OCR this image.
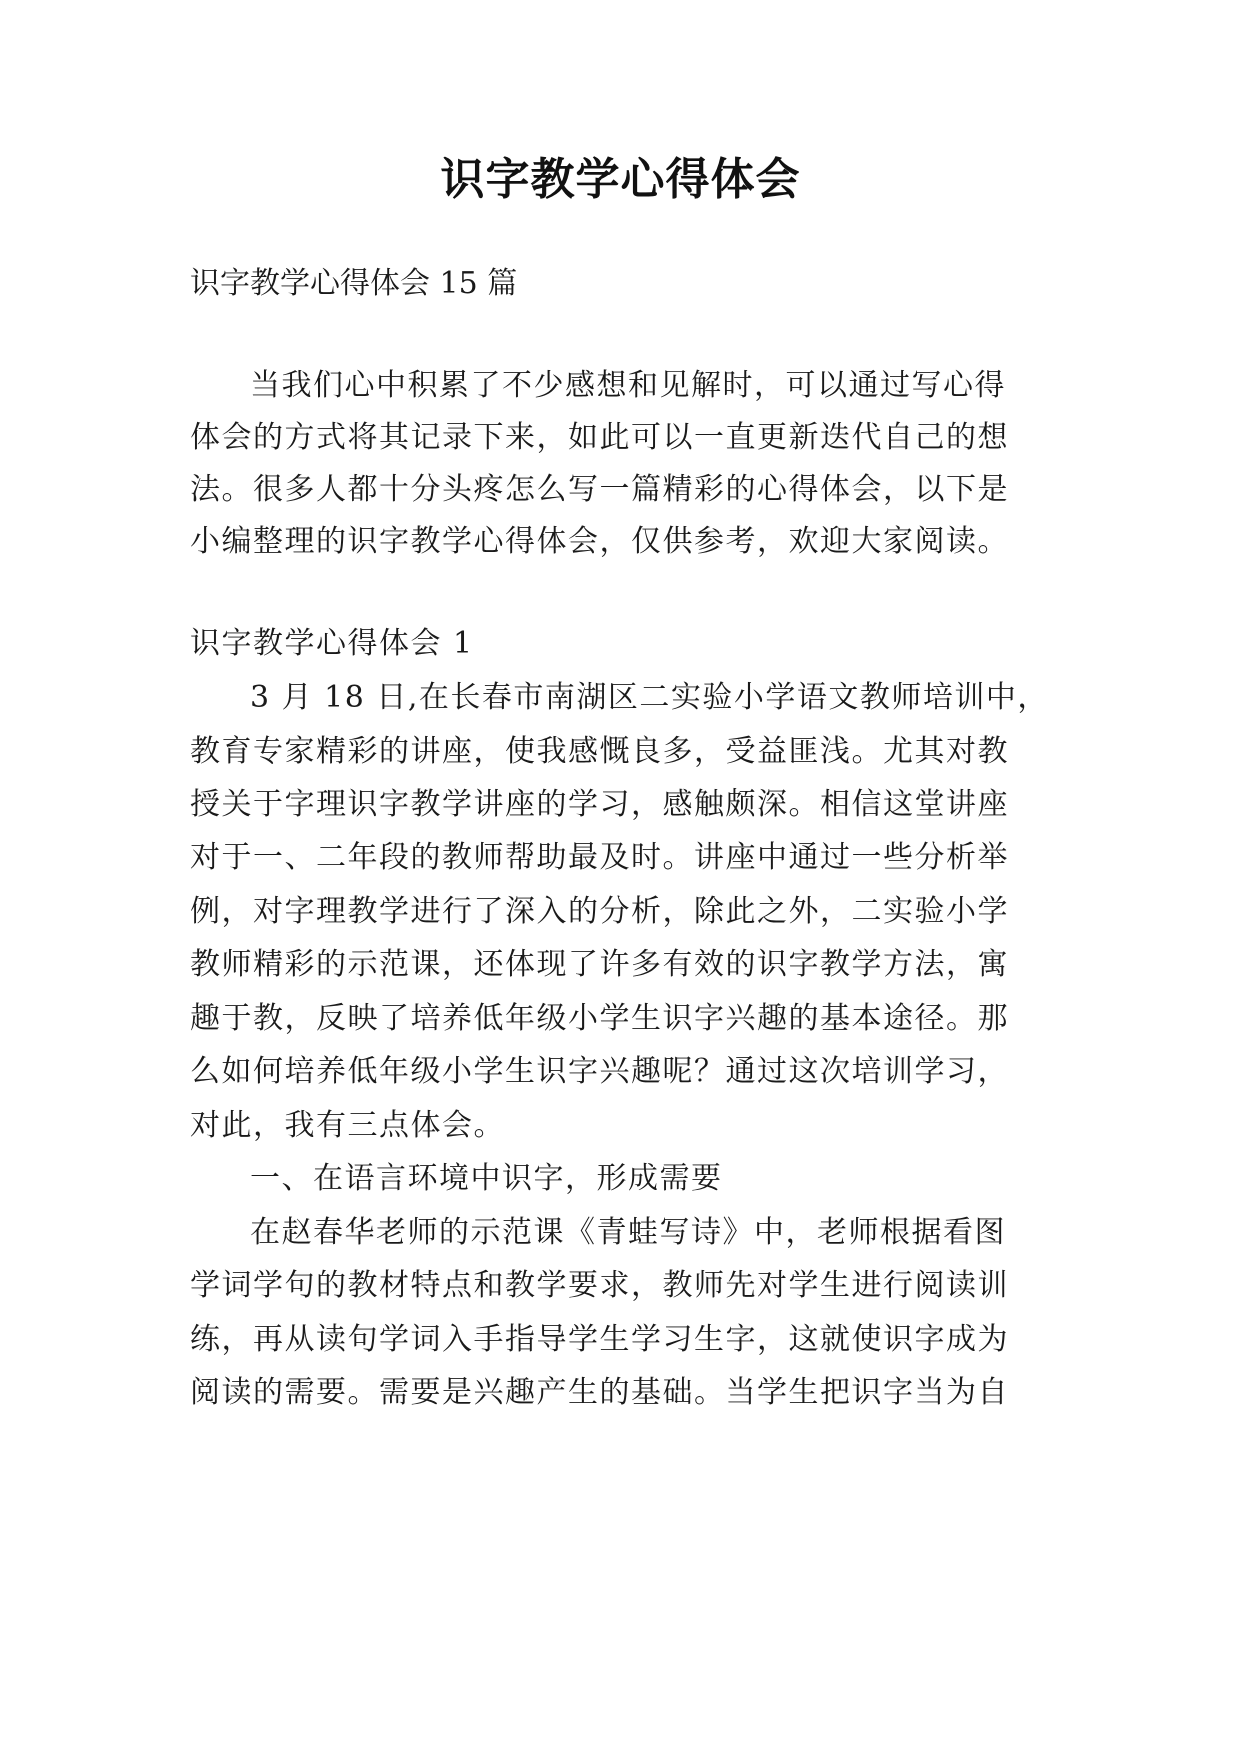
识字教学心得体会
识字教学心得体会 15 篇
当我们心中积累了不少感想和见解时，可以通过写心得
体会的方式将其记录下来，如此可以一直更新迭代自己的想
法。很多人都十分头疼怎么写一篇精彩的心得体会，以下是
小编整理的识字教学心得体会，仅供参考，欢迎大家阅读。
识字教学心得体会 1
3 月 18 日,在长春市南湖区二实验小学语文教师培训中，
教育专家精彩的讲座，使我感慨良多，受益匪浅。尤其对教
授关于字理识字教学讲座的学习，感触颇深。相信这堂讲座
对于一、二年段的教师帮助最及时。讲座中通过一些分析举
例，对字理教学进行了深入的分析，除此之外，二实验小学
教师精彩的示范课，还体现了许多有效的识字教学方法，寓
趣于教，反映了培养低年级小学生识字兴趣的基本途径。那
么如何培养低年级小学生识字兴趣呢？通过这次培训学习，
对此，我有三点体会。
一、在语言环境中识字，形成需要
在赵春华老师的示范课《青蛙写诗》中，老师根据看图
学词学句的教材特点和教学要求，教师先对学生进行阅读训
练，再从读句学词入手指导学生学习生字，这就使识字成为
阅读的需要。需要是兴趣产生的基础。当学生把识字当为自
